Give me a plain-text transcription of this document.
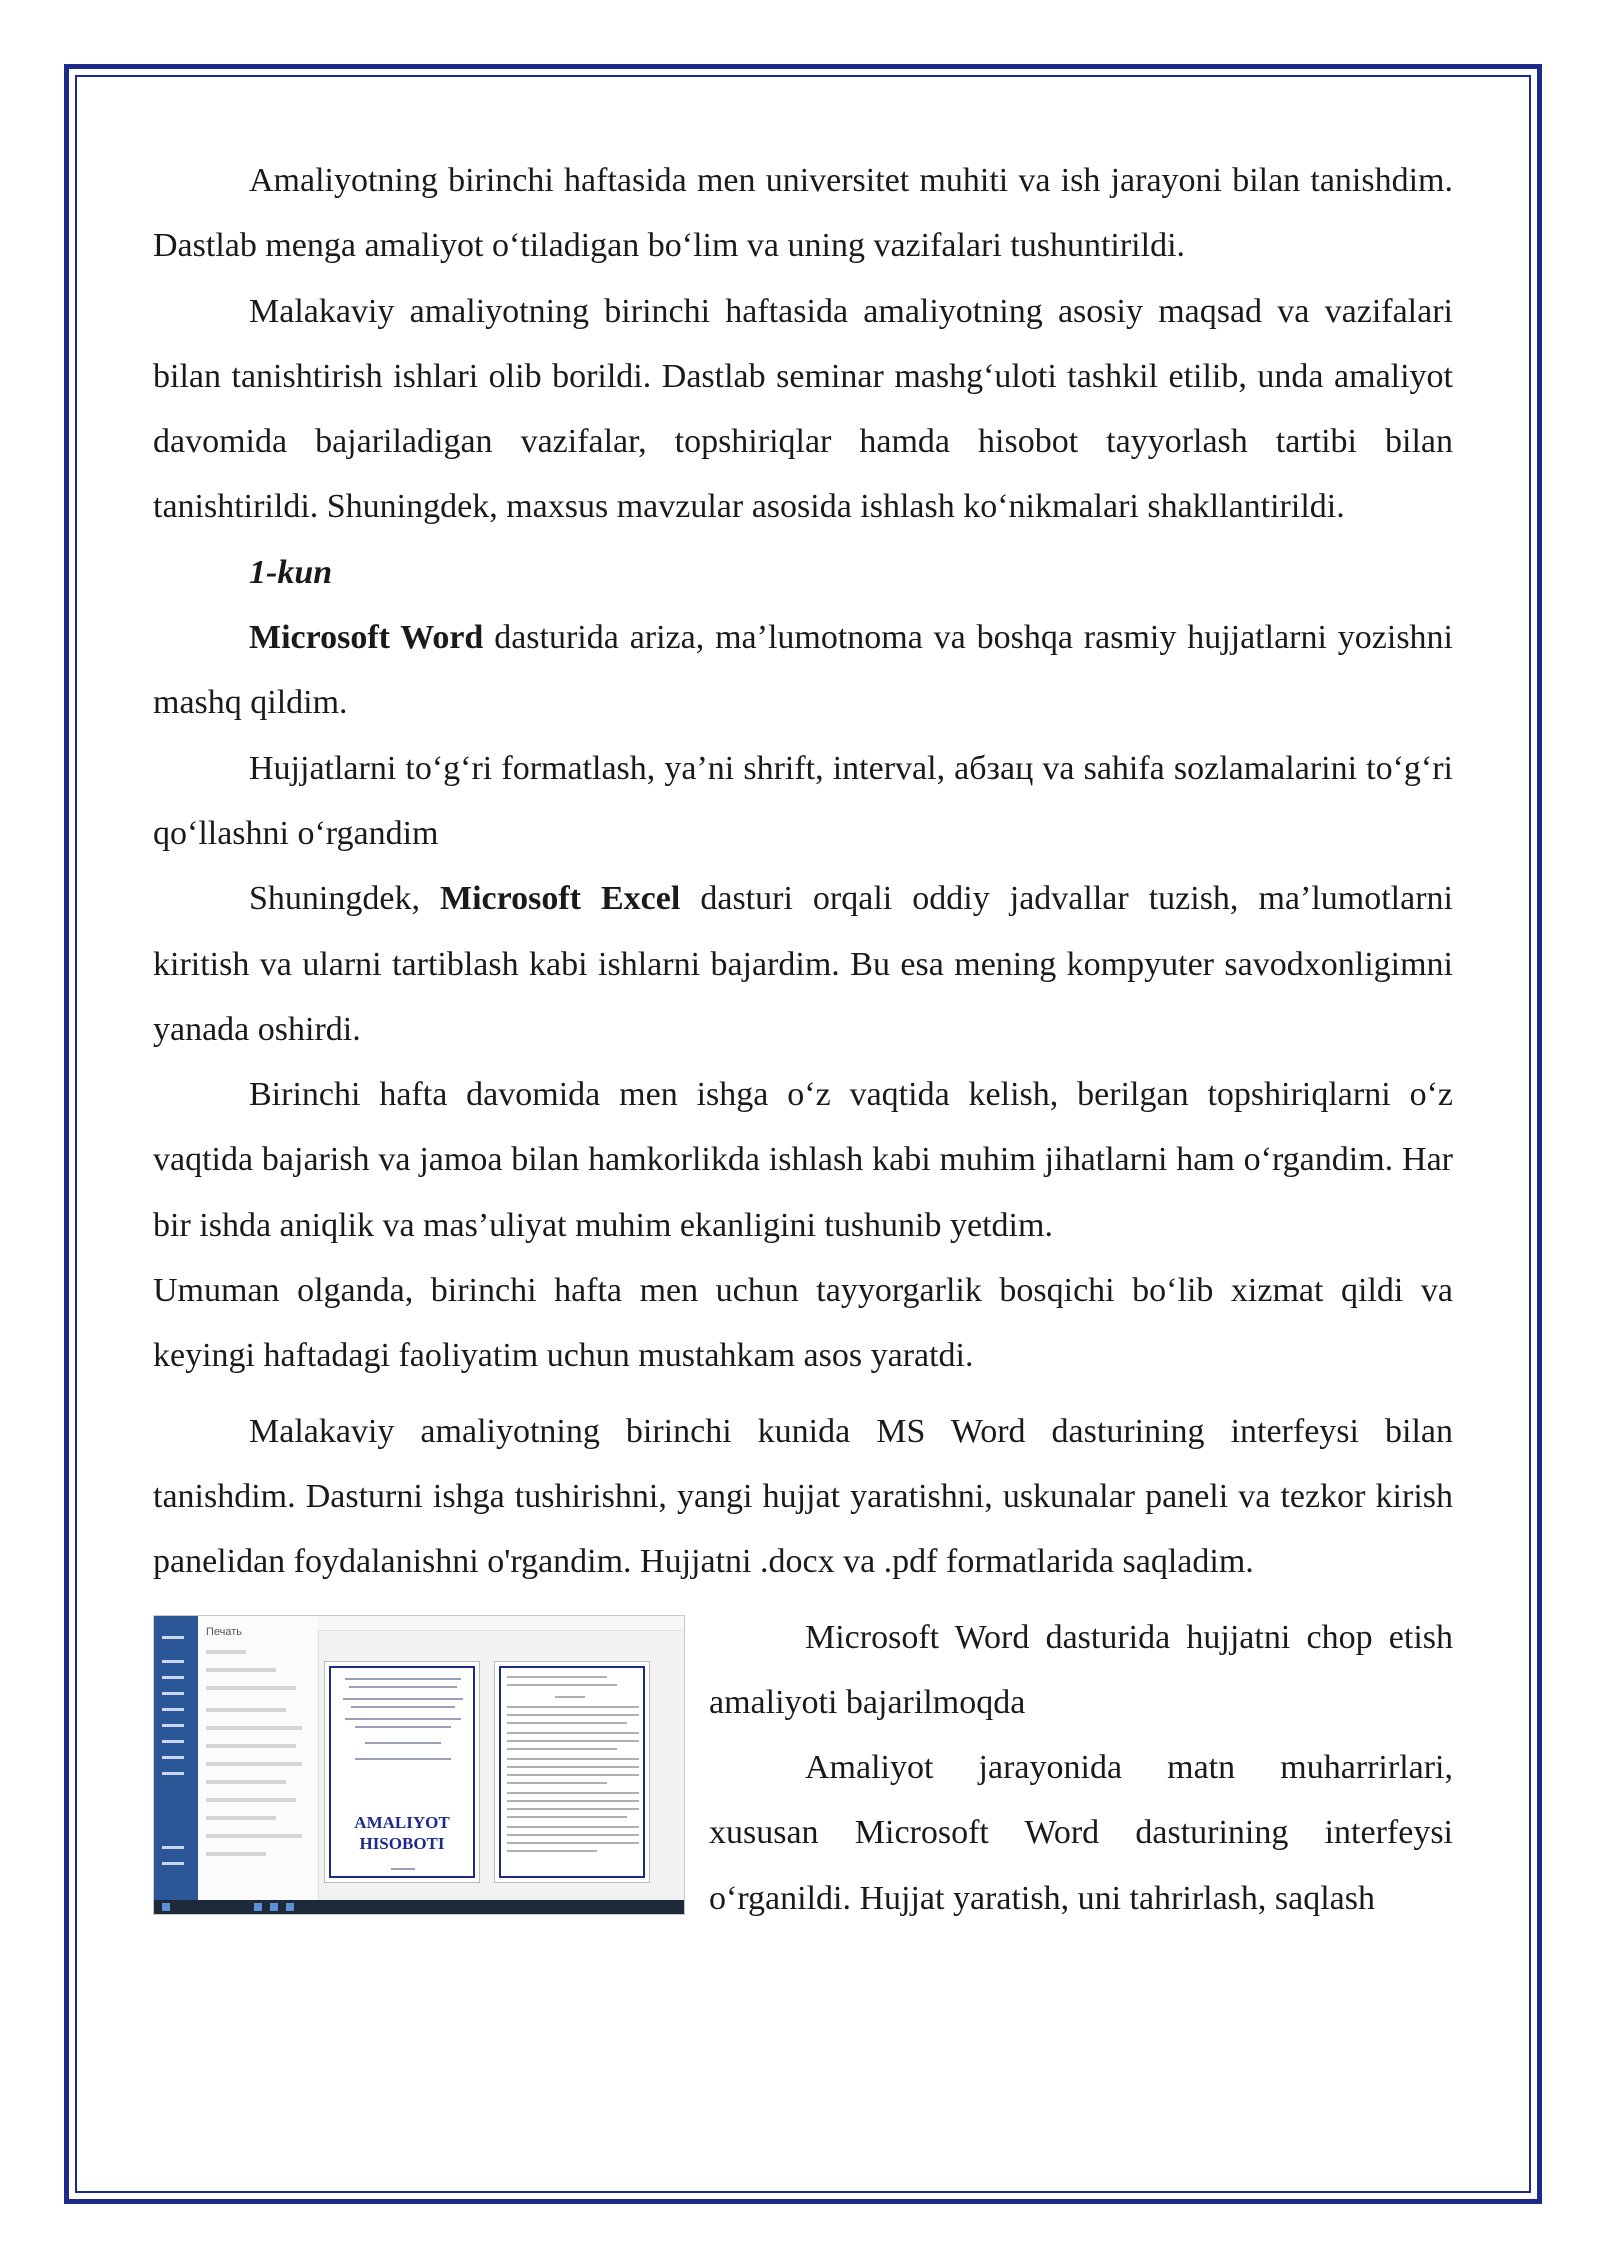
Amaliyotning birinchi haftasida men universitet muhiti va ish jarayoni bilan tanishdim. Dastlab menga amaliyot o‘tiladigan bo‘lim va uning vazifalari tushuntirildi.

Malakaviy amaliyotning birinchi haftasida amaliyotning asosiy maqsad va vazifalari bilan tanishtirish ishlari olib borildi. Dastlab seminar mashg‘uloti tashkil etilib, unda amaliyot davomida bajariladigan vazifalar, topshiriqlar hamda hisobot tayyorlash tartibi bilan tanishtirildi. Shuningdek, maxsus mavzular asosida ishlash ko‘nikmalari shakllantirildi.

1-kun

Microsoft Word dasturida ariza, ma’lumotnoma va boshqa rasmiy hujjatlarni yozishni mashq qildim.

Hujjatlarni to‘g‘ri formatlash, ya’ni shrift, interval, абзац va sahifa sozlamalarini to‘g‘ri qo‘llashni o‘rgandim

Shuningdek, Microsoft Excel dasturi orqali oddiy jadvallar tuzish, ma’lumotlarni kiritish va ularni tartiblash kabi ishlarni bajardim. Bu esa mening kompyuter savodxonligimni yanada oshirdi.

Birinchi hafta davomida men ishga o‘z vaqtida kelish, berilgan topshiriqlarni o‘z vaqtida bajarish va jamoa bilan hamkorlikda ishlash kabi muhim jihatlarni ham o‘rgandim. Har bir ishda aniqlik va mas’uliyat muhim ekanligini tushunib yetdim.

Umuman olganda, birinchi hafta men uchun tayyorgarlik bosqichi bo‘lib xizmat qildi va keyingi haftadagi faoliyatim uchun mustahkam asos yaratdi.

Malakaviy amaliyotning birinchi kunida MS Word dasturining interfeysi bilan tanishdim. Dasturni ishga tushirishni, yangi hujjat yaratishni, uskunalar paneli va tezkor kirish panelidan foydalanishni o'rgandim. Hujjatni .docx va .pdf formatlarida saqladim.

Печать
AMALIYOT
HISOBOTI

Microsoft Word dasturida hujjatni chop etish amaliyoti bajarilmoqda

Amaliyot jarayonida matn muharrirlari, xususan Microsoft Word dasturining interfeysi o‘rganildi. Hujjat yaratish, uni tahrirlash, saqlash
